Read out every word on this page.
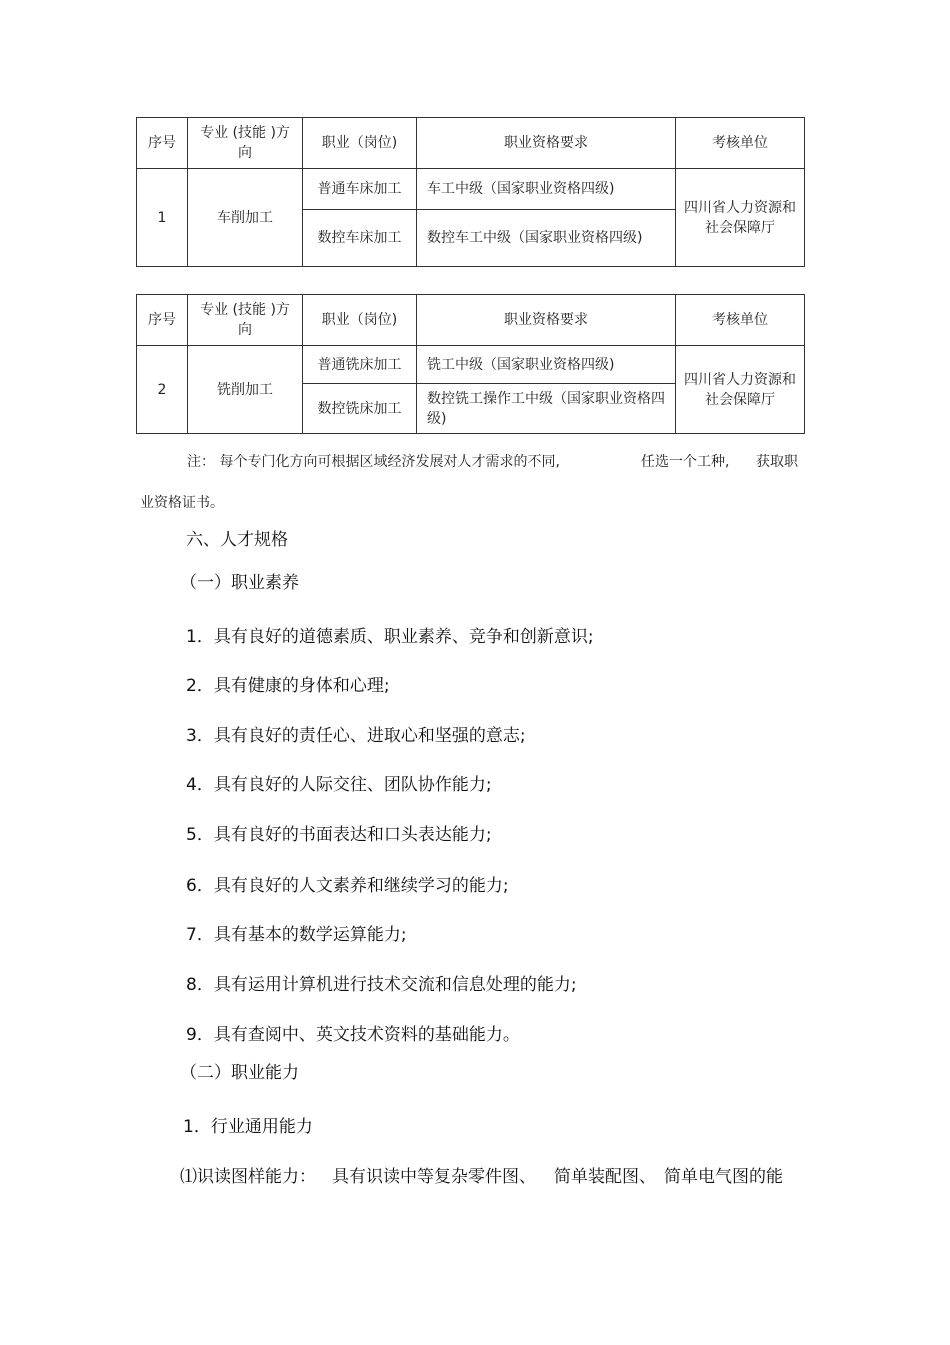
序号	专业 (技能 )方向	职业（岗位)	职业资格要求	考核单位
1	车削加工	普通车床加工	车工中级（国家职业资格四级)	四川省人力资源和社会保障厅
		数控车床加工	数控车工中级（国家职业资格四级)	
序号	专业 (技能 )方向	职业（岗位)	职业资格要求	考核单位
2	铣削加工	普通铣床加工	铣工中级（国家职业资格四级)	四川省人力资源和社会保障厅
		数控铣床加工	数控铣工操作工中级（国家职业资格四级)	
注： 每个专门化方向可根据区域经济发展对人才需求的不同,	任选一个工种, 获取职
业资格证书。
六、人才规格
（一）职业素养
1．具有良好的道德素质、职业素养、竞争和创新意识;
2．具有健康的身体和心理;
3．具有良好的责任心、进取心和坚强的意志;
4．具有良好的人际交往、团队协作能力;
5．具有良好的书面表达和口头表达能力;
6．具有良好的人文素养和继续学习的能力;
7．具有基本的数学运算能力;
8．具有运用计算机进行技术交流和信息处理的能力;
9．具有查阅中、英文技术资料的基础能力。
（二）职业能力
1．行业通用能力
⑴识读图样能力： 具有识读中等复杂零件图、 简单装配图、 简单电气图的能
